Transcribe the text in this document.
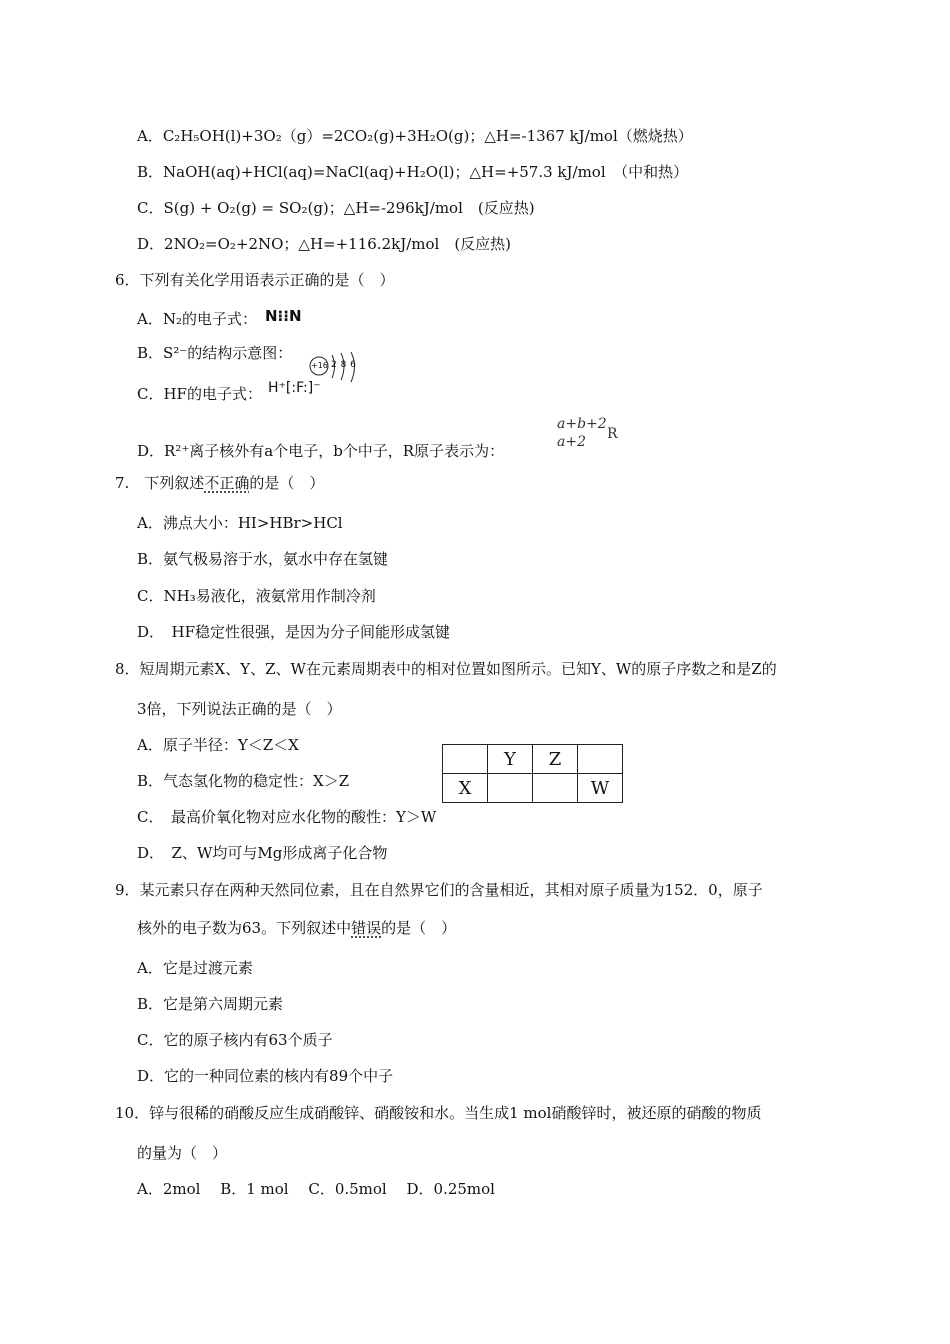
A．C₂H₅OH(l)+3O₂（g）=2CO₂(g)+3H₂O(g)；△H=-1367 kJ/mol（燃烧热）
B．NaOH(aq)+HCl(aq)=NaCl(aq)+H₂O(l)；△H=+57.3 kJ/mol　（中和热）
C．S(g) + O₂(g) = SO₂(g)；△H=-296kJ/mol　(反应热)
D．2NO₂=O₂+2NO；△H=+116.2kJ/mol　(反应热)
6．下列有关化学用语表示正确的是（　）
A．N₂的电子式： N⁝⁝N
B．S²⁻的结构示意图：
+16 2 8 6
C．HF的电子式： H⁺[:F:]⁻
D．R²⁺离子核外有a个电子，b个中子，R原子表示为：
a+b+2
a+2 R
7.　下列叙述不正确的是（　）
A．沸点大小：HI>HBr>HCl
B．氨气极易溶于水，氨水中存在氢键
C．NH₃易液化，液氨常用作制冷剂
D．　HF稳定性很强，是因为分子间能形成氢键
8．短周期元素X、Y、Z、W在元素周期表中的相对位置如图所示。已知Y、W的原子序数之和是Z的
3倍，下列说法正确的是（　）
A．原子半径：Y＜Z＜X
B．气态氢化物的稳定性：X＞Z
C．　最高价氧化物对应水化物的酸性：Y＞W
D．　Z、W均可与Mg形成离子化合物
	Y	Z	
X			W
9．某元素只存在两种天然同位素，且在自然界它们的含量相近，其相对原子质量为152．0，原子
核外的电子数为63。下列叙述中错误的是（　）
A．它是过渡元素
B．它是第六周期元素
C．它的原子核内有63个质子
D．它的一种同位素的核内有89个中子
10．锌与很稀的硝酸反应生成硝酸锌、硝酸铵和水。当生成1 mol硝酸锌时，被还原的硝酸的物质
的量为（　）
A．2mol　 B．1 mol　 C．0.5mol　 D．0.25mol
